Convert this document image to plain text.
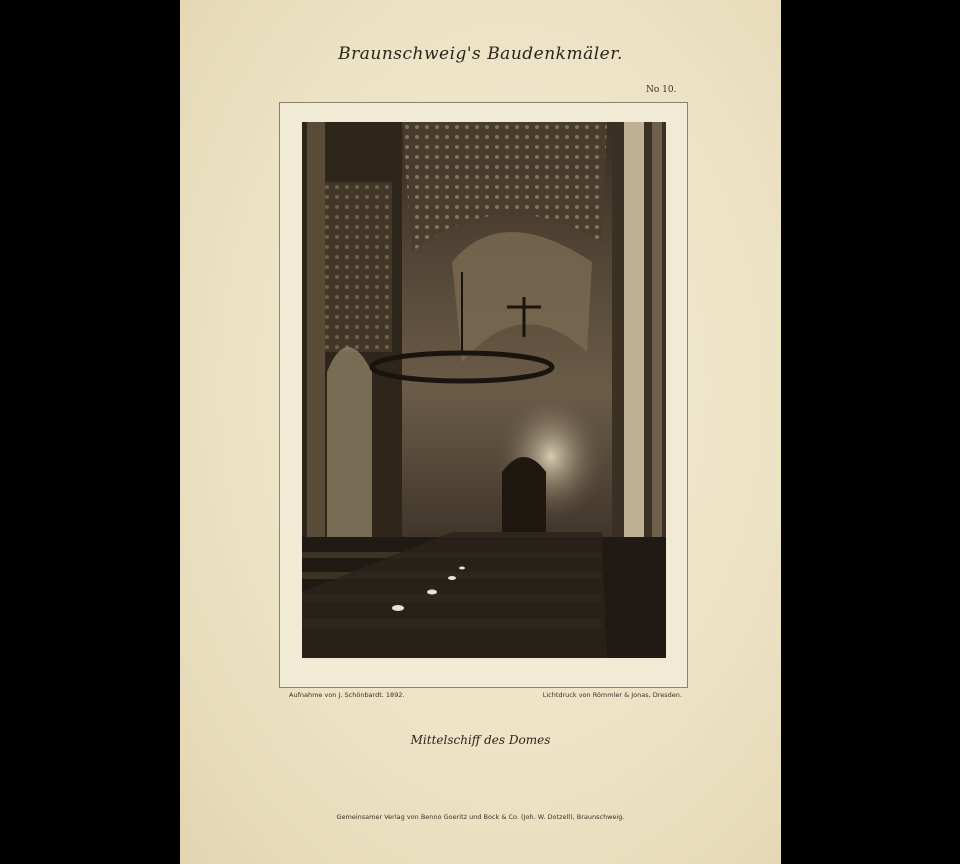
Braunschweig's Baudenkmäler.
No 10.
Aufnahme von J. Schönbardt. 1892.	Lichtdruck von Römmler & Jonas, Dresden.
Mittelschiff des Domes
Gemeinsamer Verlag von Benno Goeritz und Bock & Co. (Joh. W. Dotzell), Braunschweig.
